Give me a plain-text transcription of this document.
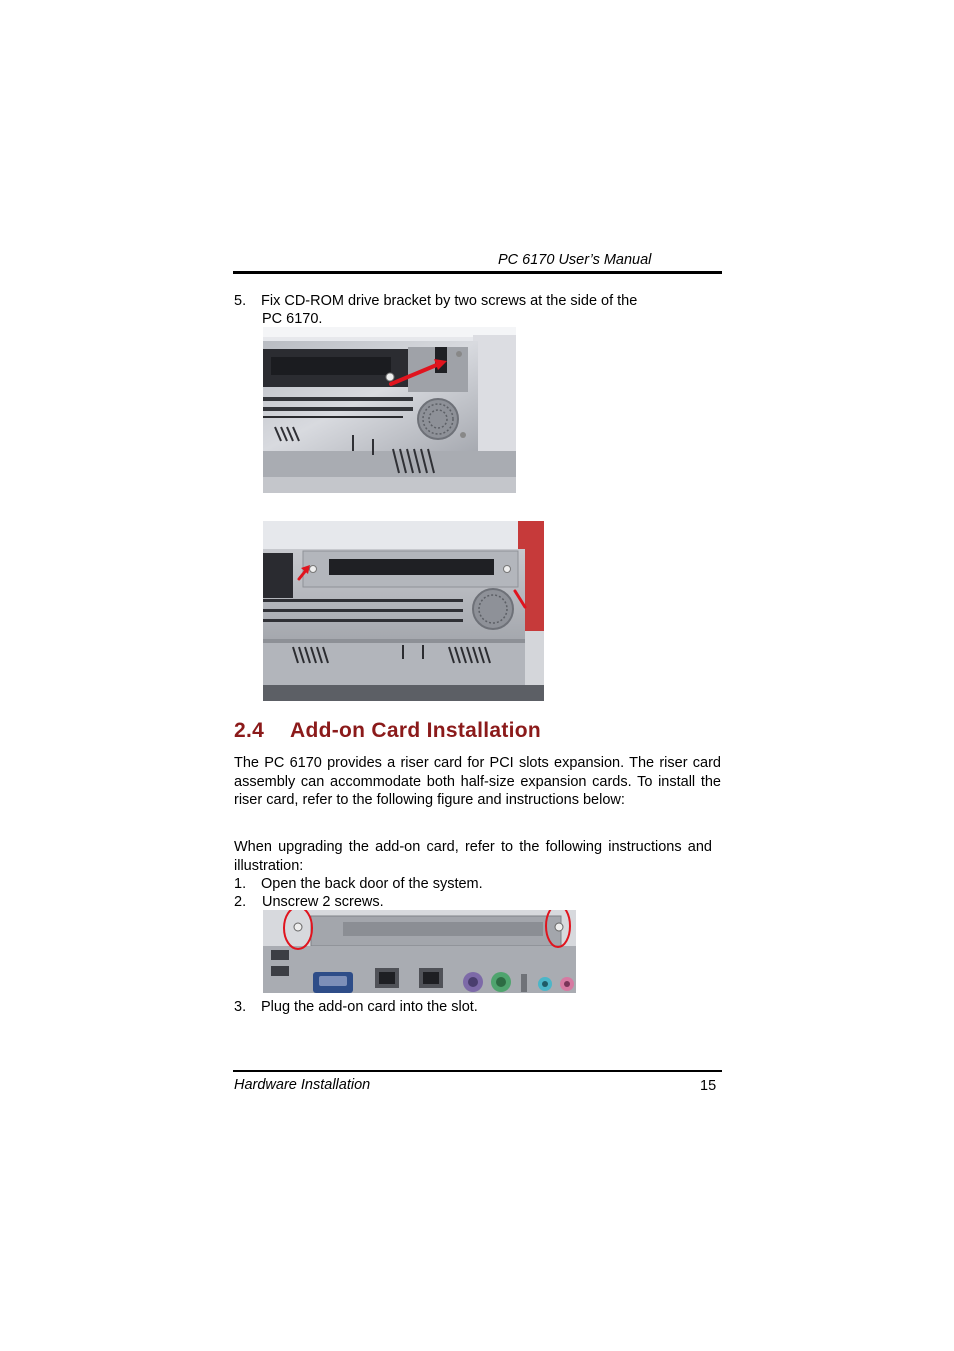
PC 6170 User’s Manual
5. Fix CD-ROM drive bracket by two screws at the side of the
PC 6170.
2.4 Add-on Card Installation
The PC 6170 provides a riser card for PCI slots expansion. The riser card assembly can accommodate both half-size expansion cards. To install the riser card, refer to the following figure and instructions below:
When upgrading the add-on card, refer to the following instructions and illustration:
1. Open the back door of the system.
2. Unscrew 2 screws.
3. Plug the add-on card into the slot.
Hardware Installation	15
